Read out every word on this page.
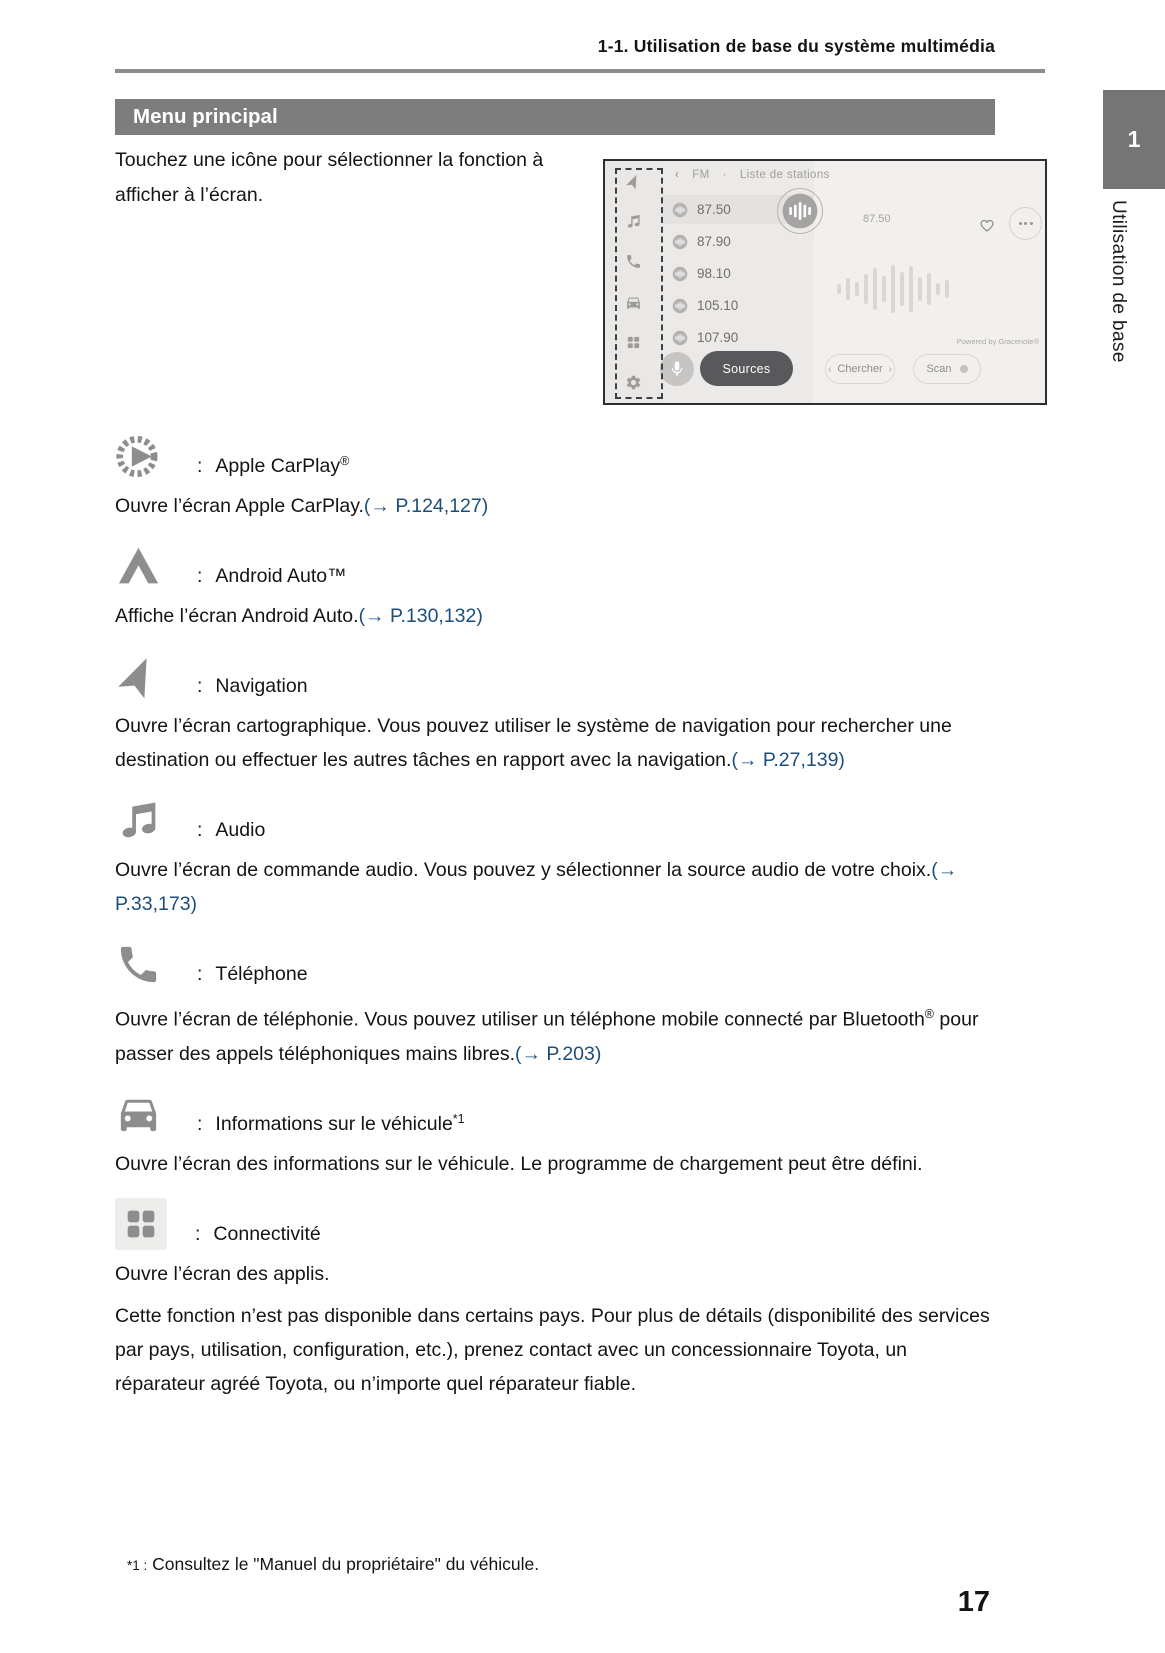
1-1. Utilisation de base du système multimédia
Menu principal
1
Utilisation de base
Touchez une icône pour sélectionner la fonction à afficher à l’écran.
‹ FM · Liste de stations
87.50
87.90
98.10
105.10
107.90
87.50
Powered by Gracenote®
Sources	‹ Chercher ›	Scan
: Apple CarPlay ®
Ouvre l’écran Apple CarPlay.(→ P.124,127)
: Android Auto™
Affiche l’écran Android Auto.(→ P.130,132)
: Navigation
Ouvre l’écran cartographique. Vous pouvez utiliser le système de navigation pour rechercher une destination ou effectuer les autres tâches en rapport avec la navigation.(→ P.27,139)
: Audio
Ouvre l’écran de commande audio. Vous pouvez y sélectionner la source audio de votre choix.(→ P.33,173)
: Téléphone
Ouvre l’écran de téléphonie. Vous pouvez utiliser un téléphone mobile connecté par Bluetooth® pour passer des appels téléphoniques mains libres.(→ P.203)
: Informations sur le véhicule *1
Ouvre l’écran des informations sur le véhicule. Le programme de chargement peut être défini.
: Connectivité
Ouvre l’écran des applis.
Cette fonction n’est pas disponible dans certains pays. Pour plus de détails (disponibilité des services par pays, utilisation, configuration, etc.), prenez contact avec un concessionnaire Toyota, un réparateur agréé Toyota, ou n’importe quel réparateur fiable.
*1 : Consultez le "Manuel du propriétaire" du véhicule.
17
